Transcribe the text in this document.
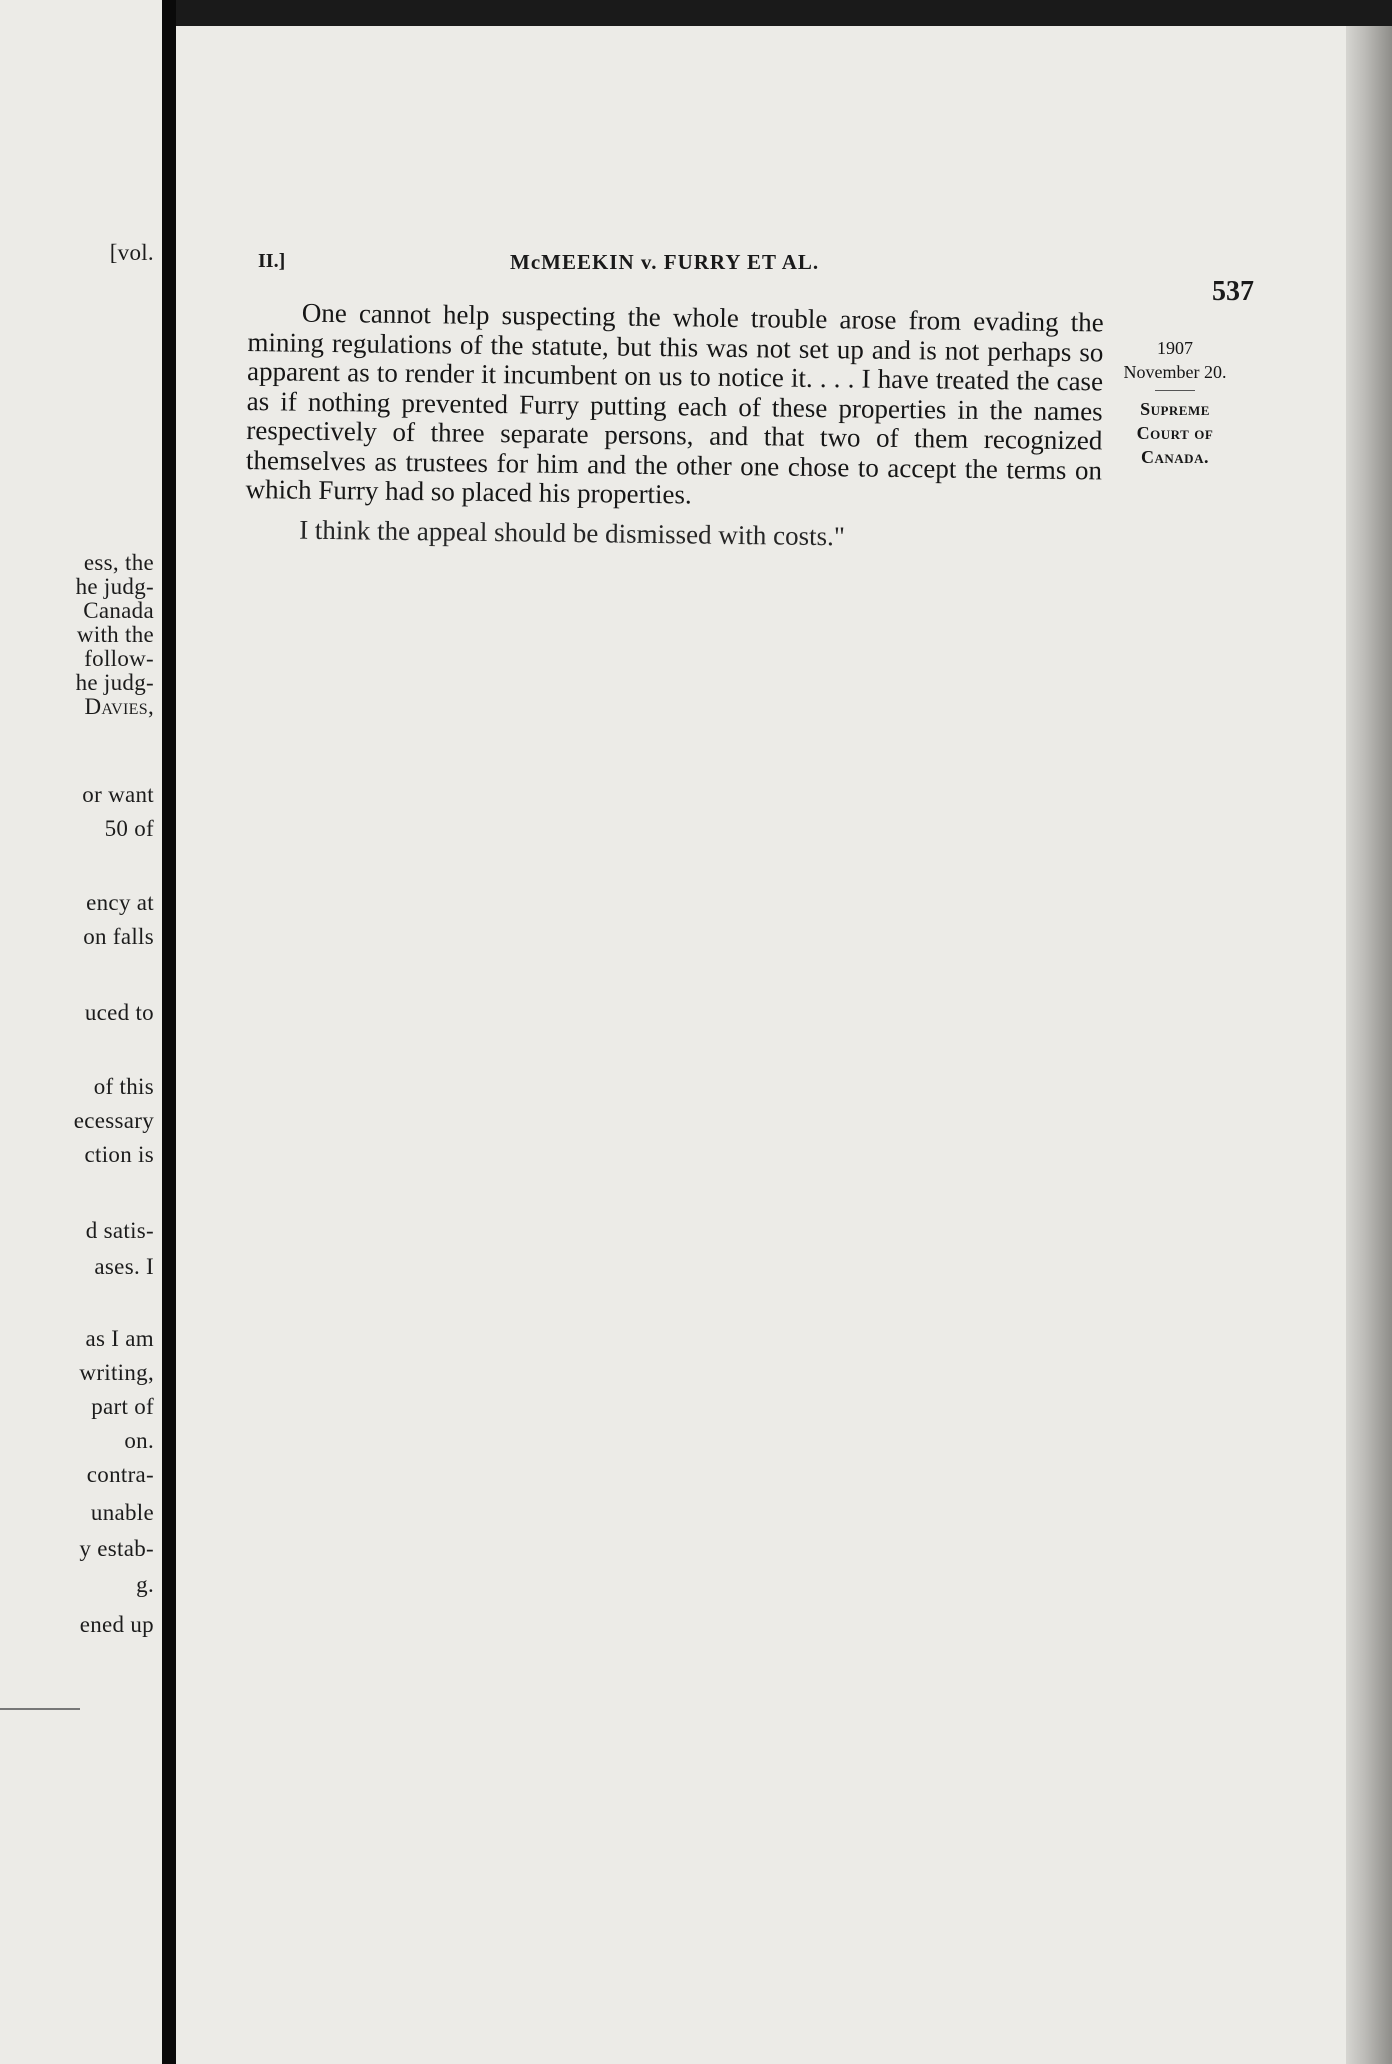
[vol.
ess, the
he judg-
Canada
with the
follow-
he judg-
Davies,
or want
50 of
ency at
on falls
uced to
of this
ecessary
ction is
d satis-
ases. I
as I am
writing,
part of
on.
contra-
unable
y estab-
g.
ened up
II.]	McMEEKIN v. FURRY ET AL.
537

One cannot help suspecting the whole trouble arose from evading the mining regulations of the statute, but this was not set up and is not perhaps so apparent as to render it incumbent on us to notice it. . . . I have treated the case as if nothing prevented Furry putting each of these properties in the names respectively of three separate persons, and that two of them recognized themselves as trustees for him and the other one chose to accept the terms on which Furry had so placed his properties.

I think the appeal should be dismissed with costs."

1907
November 20.
Supreme
Court of
Canada.
